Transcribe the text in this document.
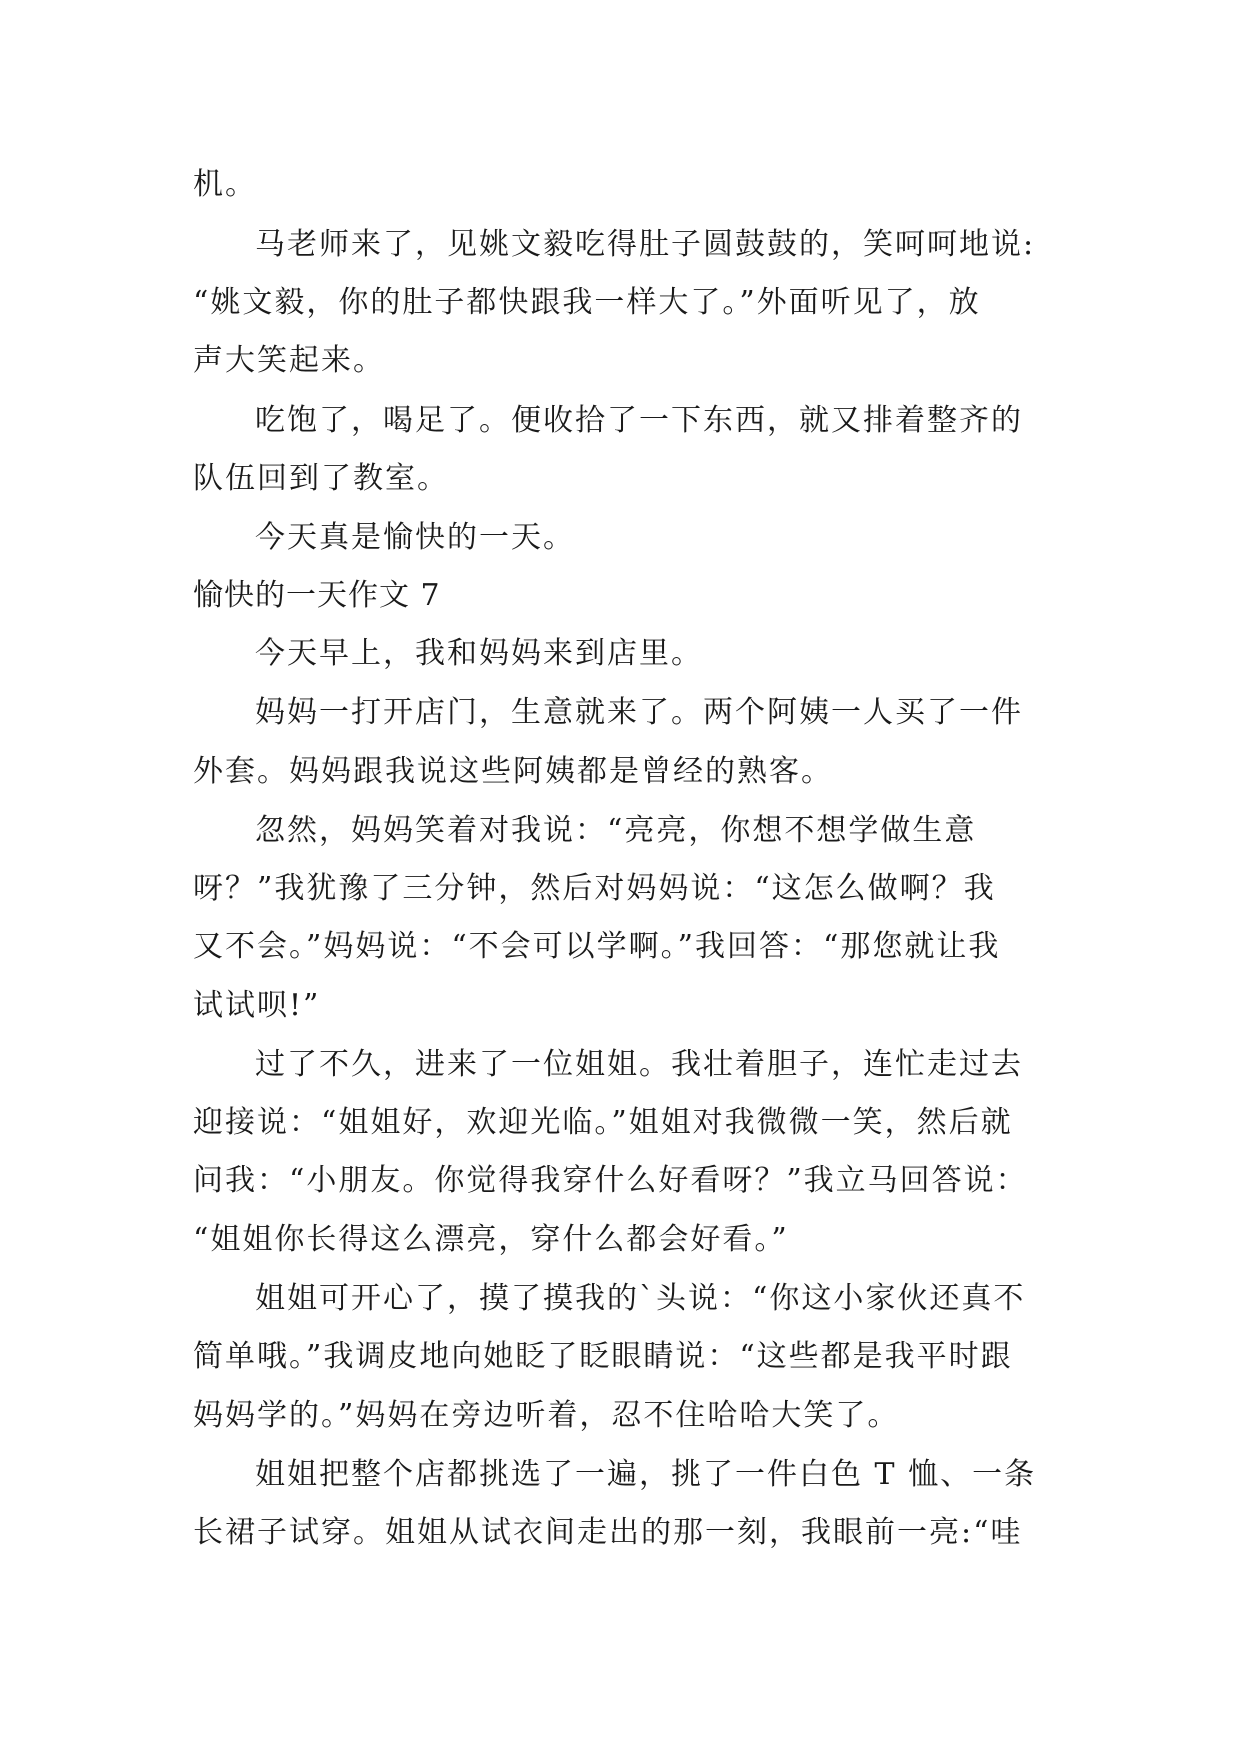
机。
马老师来了，见姚文毅吃得肚子圆鼓鼓的，笑呵呵地说:
“姚文毅，你的肚子都快跟我一样大了。”外面听见了，放
声大笑起来。
吃饱了，喝足了。便收拾了一下东西，就又排着整齐的
队伍回到了教室。
今天真是愉快的一天。
愉快的一天作文 7
今天早上，我和妈妈来到店里。
妈妈一打开店门，生意就来了。两个阿姨一人买了一件
外套。妈妈跟我说这些阿姨都是曾经的熟客。
忽然，妈妈笑着对我说：“亮亮，你想不想学做生意
呀？”我犹豫了三分钟，然后对妈妈说：“这怎么做啊？我
又不会。”妈妈说：“不会可以学啊。”我回答：“那您就让我
试试呗!”
过了不久，进来了一位姐姐。我壮着胆子，连忙走过去
迎接说：“姐姐好，欢迎光临。”姐姐对我微微一笑，然后就
问我：“小朋友。你觉得我穿什么好看呀？”我立马回答说：
“姐姐你长得这么漂亮，穿什么都会好看。”
姐姐可开心了，摸了摸我的`头说：“你这小家伙还真不
简单哦。”我调皮地向她眨了眨眼睛说：“这些都是我平时跟
妈妈学的。”妈妈在旁边听着，忍不住哈哈大笑了。
姐姐把整个店都挑选了一遍，挑了一件白色 T 恤、一条
长裙子试穿。姐姐从试衣间走出的那一刻，我眼前一亮:“哇
